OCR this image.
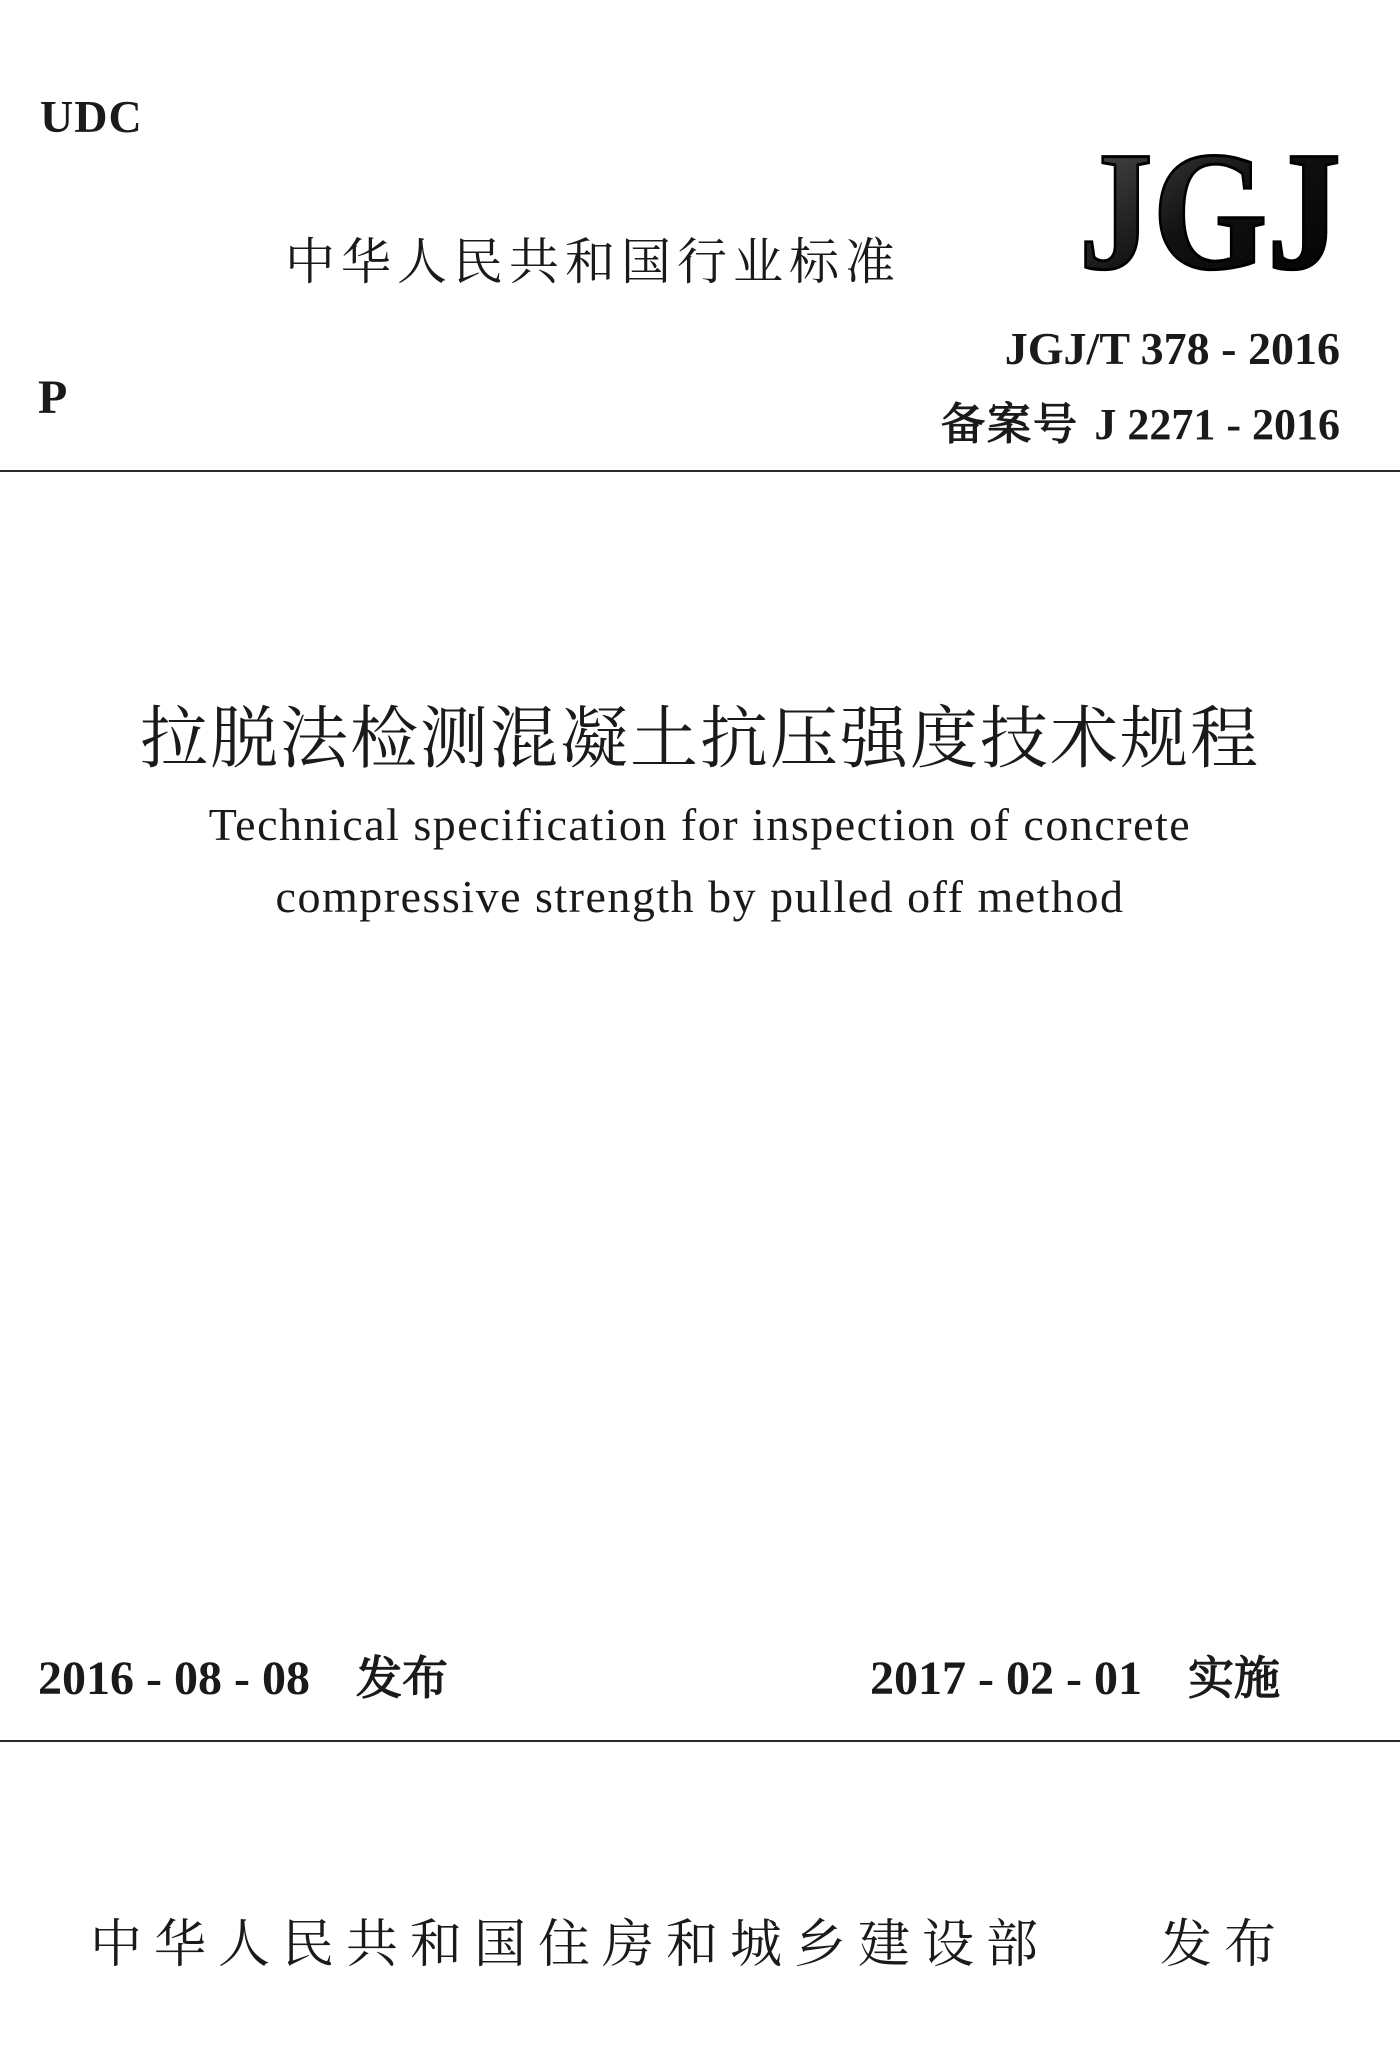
UDC
中华人民共和国行业标准 JGJ
JGJ/T 378 - 2016
备案号 J 2271 - 2016
P
拉脱法检测混凝土抗压强度技术规程
Technical specification for inspection of concrete
compressive strength by pulled off method
2016 - 08 - 08 发布	2017 - 02 - 01 实施
中华人民共和国住房和城乡建设部 发布
